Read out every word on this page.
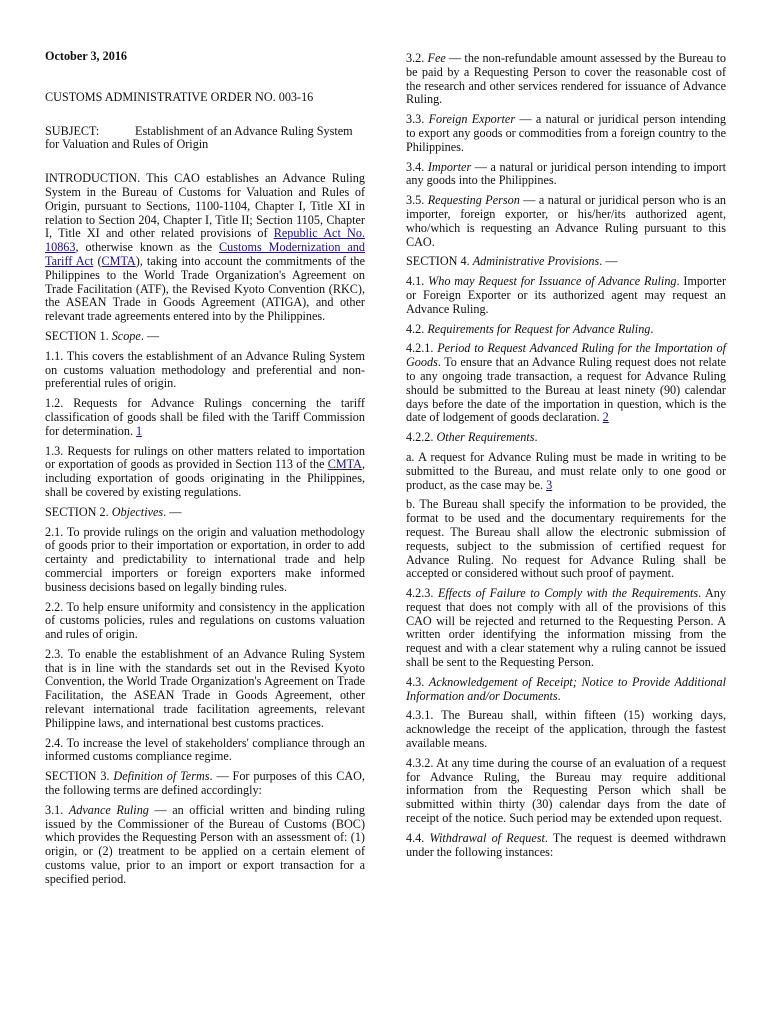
October 3, 2016

CUSTOMS ADMINISTRATIVE ORDER NO. 003-16

SUBJECT:	Establishment of an Advance Ruling System for Valuation and Rules of Origin

INTRODUCTION. This CAO establishes an Advance Ruling System in the Bureau of Customs for Valuation and Rules of Origin, pursuant to Sections, 1100-1104, Chapter I, Title XI in relation to Section 204, Chapter I, Title II; Section 1105, Chapter I, Title XI and other related provisions of Republic Act No. 10863, otherwise known as the Customs Modernization and Tariff Act (CMTA), taking into account the commitments of the Philippines to the World Trade Organization's Agreement on Trade Facilitation (ATF), the Revised Kyoto Convention (RKC), the ASEAN Trade in Goods Agreement (ATIGA), and other relevant trade agreements entered into by the Philippines.

SECTION 1. Scope. —

1.1. This covers the establishment of an Advance Ruling System on customs valuation methodology and preferential and non-preferential rules of origin.

1.2. Requests for Advance Rulings concerning the tariff classification of goods shall be filed with the Tariff Commission for determination. 1

1.3. Requests for rulings on other matters related to importation or exportation of goods as provided in Section 113 of the CMTA, including exportation of goods originating in the Philippines, shall be covered by existing regulations.

SECTION 2. Objectives. —

2.1. To provide rulings on the origin and valuation methodology of goods prior to their importation or exportation, in order to add certainty and predictability to international trade and help commercial importers or foreign exporters make informed business decisions based on legally binding rules.

2.2. To help ensure uniformity and consistency in the application of customs policies, rules and regulations on customs valuation and rules of origin.

2.3. To enable the establishment of an Advance Ruling System that is in line with the standards set out in the Revised Kyoto Convention, the World Trade Organization's Agreement on Trade Facilitation, the ASEAN Trade in Goods Agreement, other relevant international trade facilitation agreements, relevant Philippine laws, and international best customs practices.

2.4. To increase the level of stakeholders' compliance through an informed customs compliance regime.

SECTION 3. Definition of Terms. — For purposes of this CAO, the following terms are defined accordingly:

3.1. Advance Ruling — an official written and binding ruling issued by the Commissioner of the Bureau of Customs (BOC) which provides the Requesting Person with an assessment of: (1) origin, or (2) treatment to be applied on a certain element of customs value, prior to an import or export transaction for a specified period.

3.2. Fee — the non-refundable amount assessed by the Bureau to be paid by a Requesting Person to cover the reasonable cost of the research and other services rendered for issuance of Advance Ruling.

3.3. Foreign Exporter — a natural or juridical person intending to export any goods or commodities from a foreign country to the Philippines.

3.4. Importer — a natural or juridical person intending to import any goods into the Philippines.

3.5. Requesting Person — a natural or juridical person who is an importer, foreign exporter, or his/her/its authorized agent, who/which is requesting an Advance Ruling pursuant to this CAO.

SECTION 4. Administrative Provisions. —

4.1. Who may Request for Issuance of Advance Ruling. Importer or Foreign Exporter or its authorized agent may request an Advance Ruling.

4.2. Requirements for Request for Advance Ruling.

4.2.1. Period to Request Advanced Ruling for the Importation of Goods. To ensure that an Advance Ruling request does not relate to any ongoing trade transaction, a request for Advance Ruling should be submitted to the Bureau at least ninety (90) calendar days before the date of the importation in question, which is the date of lodgement of goods declaration. 2

4.2.2. Other Requirements.

a. A request for Advance Ruling must be made in writing to be submitted to the Bureau, and must relate only to one good or product, as the case may be. 3

b. The Bureau shall specify the information to be provided, the format to be used and the documentary requirements for the request. The Bureau shall allow the electronic submission of requests, subject to the submission of certified request for Advance Ruling. No request for Advance Ruling shall be accepted or considered without such proof of payment.

4.2.3. Effects of Failure to Comply with the Requirements. Any request that does not comply with all of the provisions of this CAO will be rejected and returned to the Requesting Person. A written order identifying the information missing from the request and with a clear statement why a ruling cannot be issued shall be sent to the Requesting Person.

4.3. Acknowledgement of Receipt; Notice to Provide Additional Information and/or Documents.

4.3.1. The Bureau shall, within fifteen (15) working days, acknowledge the receipt of the application, through the fastest available means.

4.3.2. At any time during the course of an evaluation of a request for Advance Ruling, the Bureau may require additional information from the Requesting Person which shall be submitted within thirty (30) calendar days from the date of receipt of the notice. Such period may be extended upon request.

4.4. Withdrawal of Request. The request is deemed withdrawn under the following instances:
